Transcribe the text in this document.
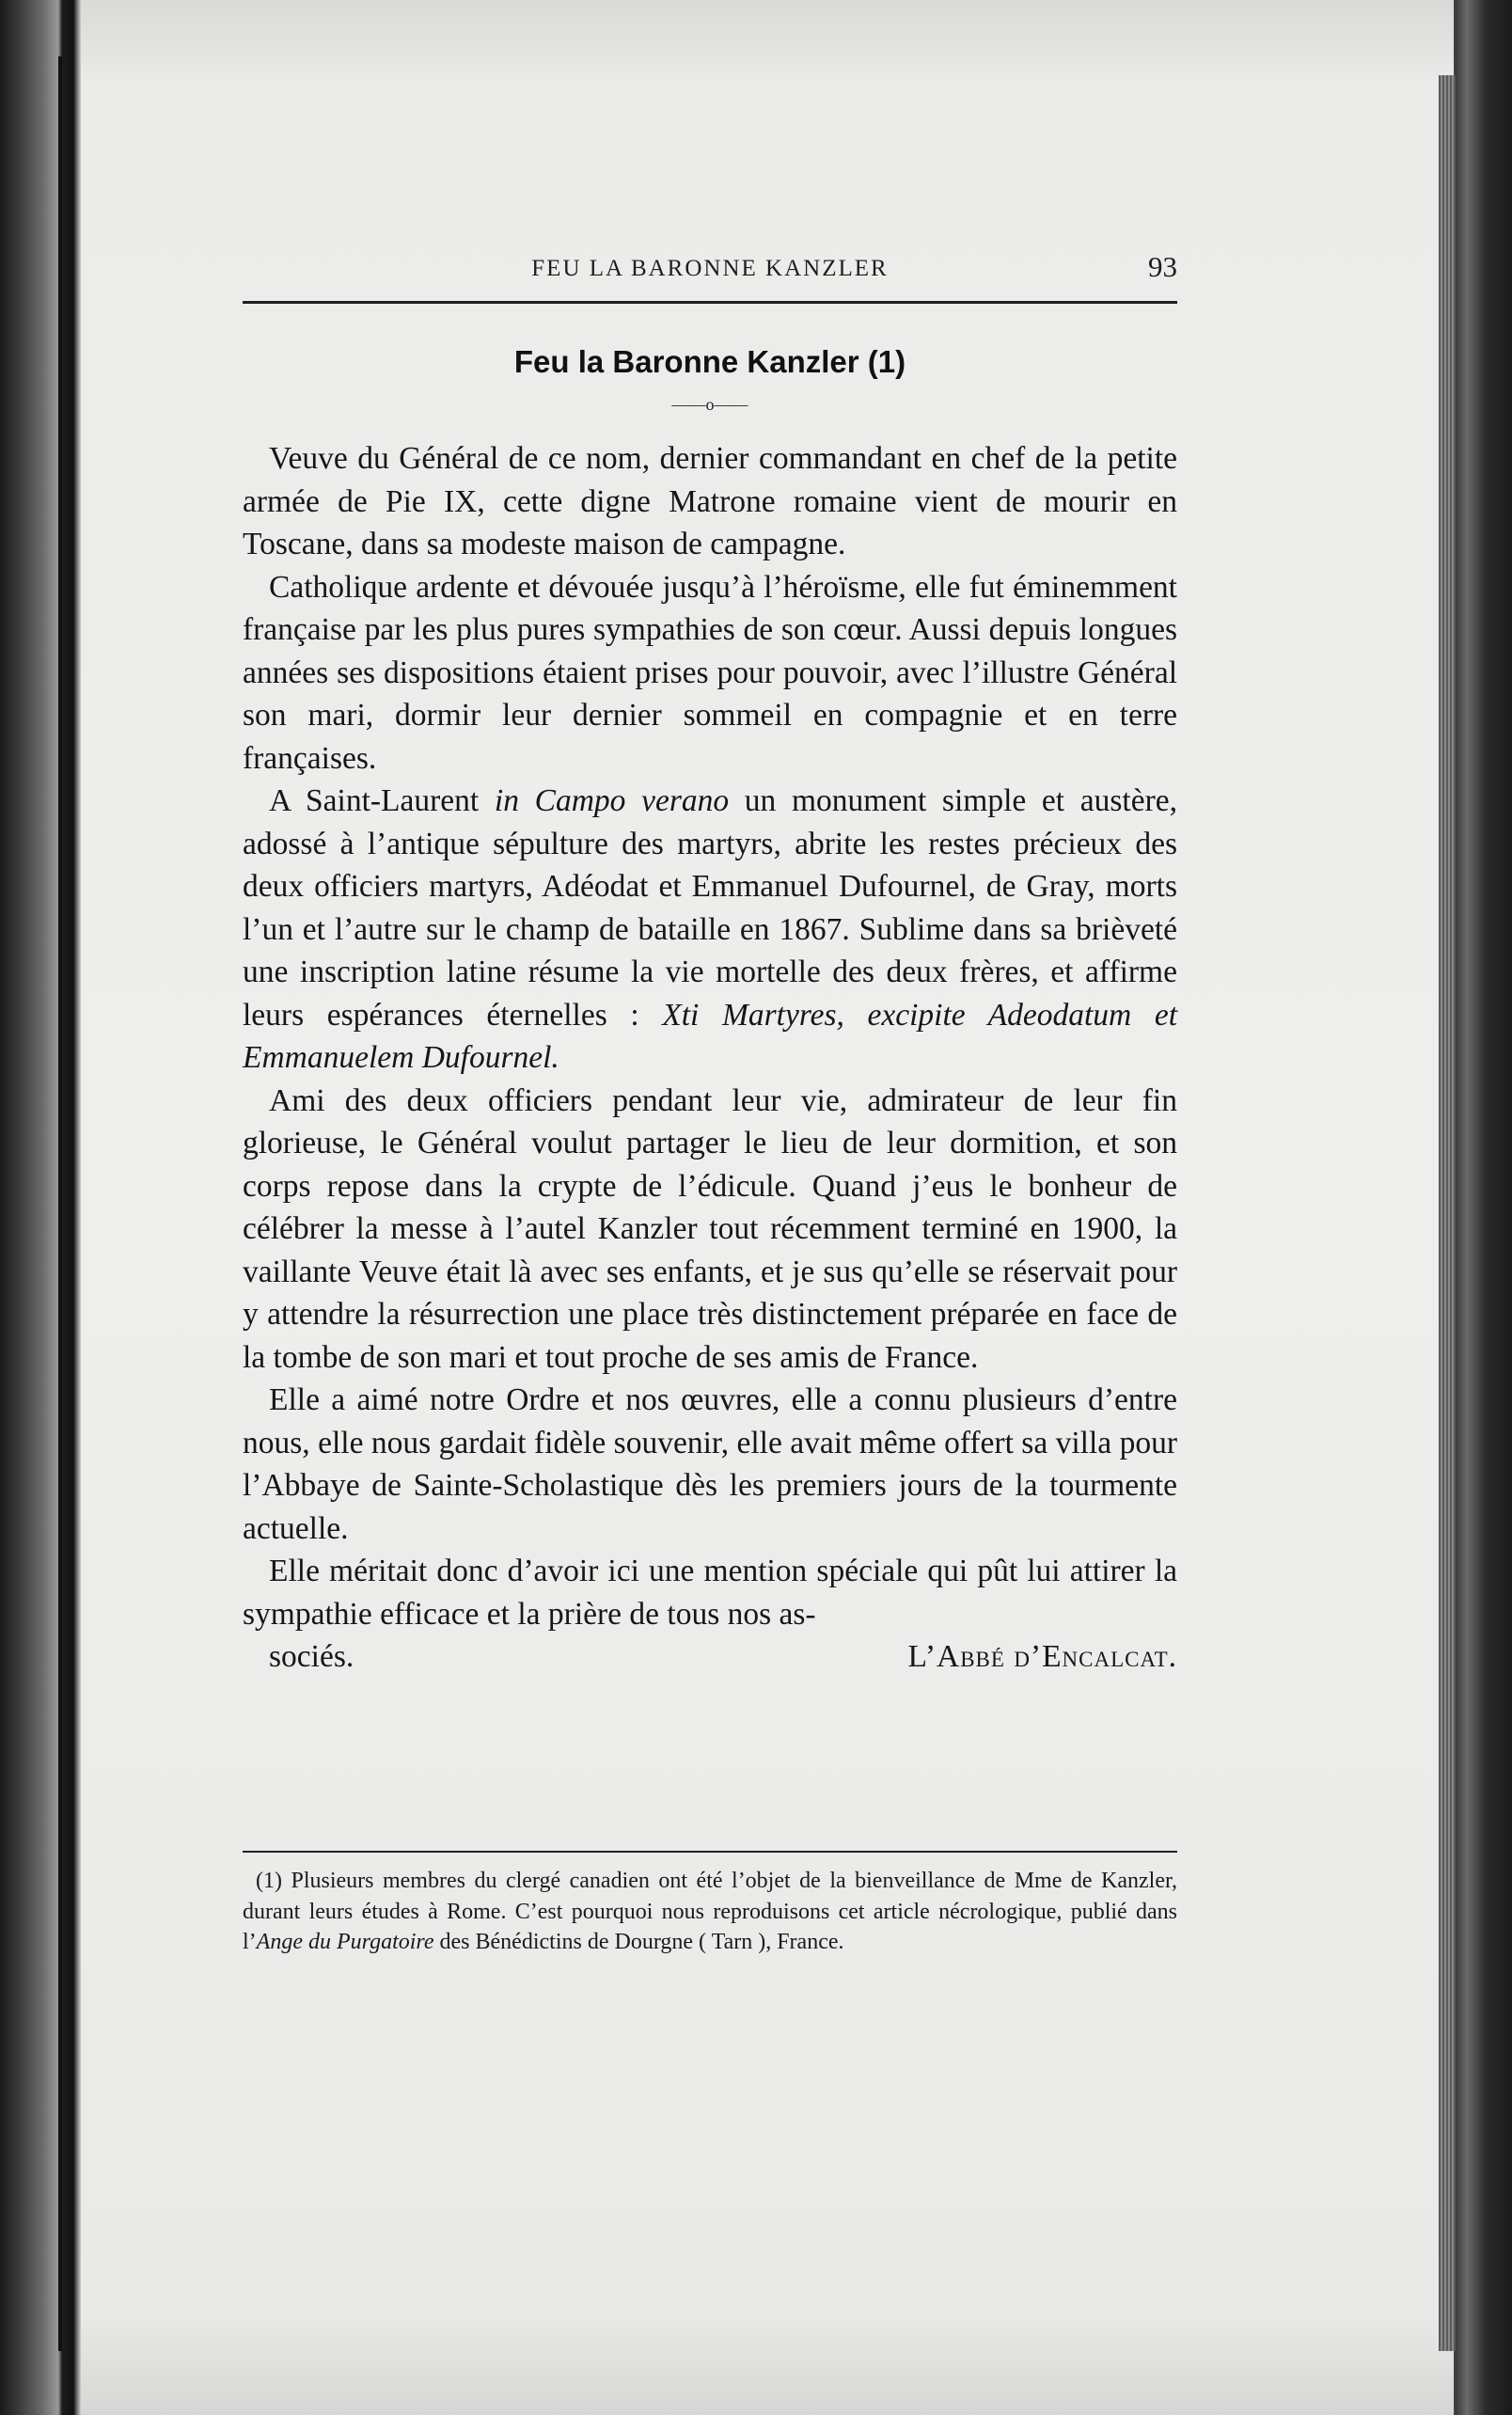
FEU LA BARONNE KANZLER	93
Feu la Baronne Kanzler (1)
——o——

Veuve du Général de ce nom, dernier commandant en chef de la petite armée de Pie IX, cette digne Matrone romaine vient de mourir en Toscane, dans sa modeste maison de campagne.

Catholique ardente et dévouée jusqu’à l’héroïsme, elle fut éminemment française par les plus pures sympathies de son cœur. Aussi depuis longues années ses dispositions étaient prises pour pouvoir, avec l’illustre Général son mari, dormir leur dernier sommeil en compagnie et en terre françaises.

A Saint-Laurent in Campo verano un monument simple et austère, adossé à l’antique sépulture des martyrs, abrite les restes précieux des deux officiers martyrs, Adéodat et Emmanuel Dufournel, de Gray, morts l’un et l’autre sur le champ de bataille en 1867. Sublime dans sa brièveté une inscription latine résume la vie mortelle des deux frères, et affirme leurs espérances éternelles : Xti Martyres, excipite Adeodatum et Emmanuelem Dufournel.

Ami des deux officiers pendant leur vie, admirateur de leur fin glorieuse, le Général voulut partager le lieu de leur dormition, et son corps repose dans la crypte de l’édicule. Quand j’eus le bonheur de célébrer la messe à l’autel Kanzler tout récemment terminé en 1900, la vaillante Veuve était là avec ses enfants, et je sus qu’elle se réservait pour y attendre la résurrection une place très distinctement préparée en face de la tombe de son mari et tout proche de ses amis de France.

Elle a aimé notre Ordre et nos œuvres, elle a connu plusieurs d’entre nous, elle nous gardait fidèle souvenir, elle avait même offert sa villa pour l’Abbaye de Sainte-Scholastique dès les premiers jours de la tourmente actuelle.

Elle méritait donc d’avoir ici une mention spéciale qui pût lui attirer la sympathie efficace et la prière de tous nos as-

sociés.	L’Abbé d’Encalcat.

(1) Plusieurs membres du clergé canadien ont été l’objet de la bienveillance de Mme de Kanzler, durant leurs études à Rome. C’est pourquoi nous reproduisons cet article nécrologique, publié dans l’Ange du Purgatoire des Bénédictins de Dourgne ( Tarn ), France.
